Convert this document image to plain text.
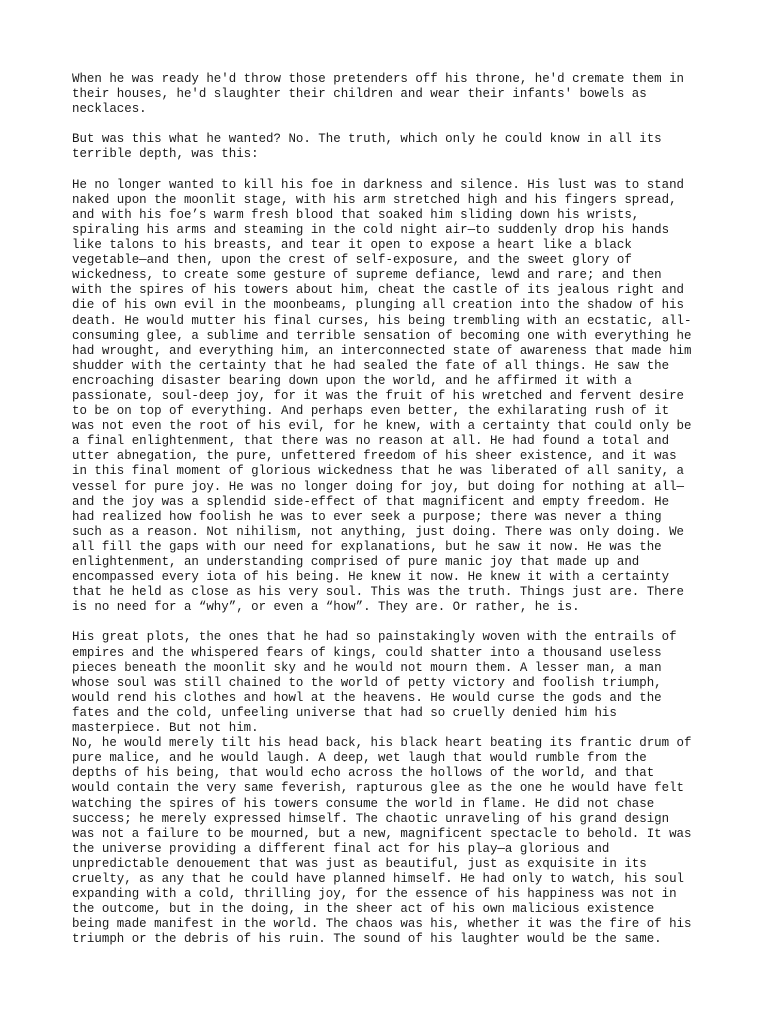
When he was ready he'd throw those pretenders off his throne, he'd cremate them in
their houses, he'd slaughter their children and wear their infants' bowels as
necklaces.

But was this what he wanted? No. The truth, which only he could know in all its
terrible depth, was this:

He no longer wanted to kill his foe in darkness and silence. His lust was to stand
naked upon the moonlit stage, with his arm stretched high and his fingers spread,
and with his foe’s warm fresh blood that soaked him sliding down his wrists,
spiraling his arms and steaming in the cold night air—to suddenly drop his hands
like talons to his breasts, and tear it open to expose a heart like a black
vegetable—and then, upon the crest of self-exposure, and the sweet glory of
wickedness, to create some gesture of supreme defiance, lewd and rare; and then
with the spires of his towers about him, cheat the castle of its jealous right and
die of his own evil in the moonbeams, plunging all creation into the shadow of his
death. He would mutter his final curses, his being trembling with an ecstatic, all-
consuming glee, a sublime and terrible sensation of becoming one with everything he
had wrought, and everything him, an interconnected state of awareness that made him
shudder with the certainty that he had sealed the fate of all things. He saw the
encroaching disaster bearing down upon the world, and he affirmed it with a
passionate, soul-deep joy, for it was the fruit of his wretched and fervent desire
to be on top of everything. And perhaps even better, the exhilarating rush of it
was not even the root of his evil, for he knew, with a certainty that could only be
a final enlightenment, that there was no reason at all. He had found a total and
utter abnegation, the pure, unfettered freedom of his sheer existence, and it was
in this final moment of glorious wickedness that he was liberated of all sanity, a
vessel for pure joy. He was no longer doing for joy, but doing for nothing at all—
and the joy was a splendid side-effect of that magnificent and empty freedom. He
had realized how foolish he was to ever seek a purpose; there was never a thing
such as a reason. Not nihilism, not anything, just doing. There was only doing. We
all fill the gaps with our need for explanations, but he saw it now. He was the
enlightenment, an understanding comprised of pure manic joy that made up and
encompassed every iota of his being. He knew it now. He knew it with a certainty
that he held as close as his very soul. This was the truth. Things just are. There
is no need for a “why”, or even a “how”. They are. Or rather, he is.

His great plots, the ones that he had so painstakingly woven with the entrails of
empires and the whispered fears of kings, could shatter into a thousand useless
pieces beneath the moonlit sky and he would not mourn them. A lesser man, a man
whose soul was still chained to the world of petty victory and foolish triumph,
would rend his clothes and howl at the heavens. He would curse the gods and the
fates and the cold, unfeeling universe that had so cruelly denied him his
masterpiece. But not him.

No, he would merely tilt his head back, his black heart beating its frantic drum of
pure malice, and he would laugh. A deep, wet laugh that would rumble from the
depths of his being, that would echo across the hollows of the world, and that
would contain the very same feverish, rapturous glee as the one he would have felt
watching the spires of his towers consume the world in flame. He did not chase
success; he merely expressed himself. The chaotic unraveling of his grand design
was not a failure to be mourned, but a new, magnificent spectacle to behold. It was
the universe providing a different final act for his play—a glorious and
unpredictable denouement that was just as beautiful, just as exquisite in its
cruelty, as any that he could have planned himself. He had only to watch, his soul
expanding with a cold, thrilling joy, for the essence of his happiness was not in
the outcome, but in the doing, in the sheer act of his own malicious existence
being made manifest in the world. The chaos was his, whether it was the fire of his
triumph or the debris of his ruin. The sound of his laughter would be the same.
